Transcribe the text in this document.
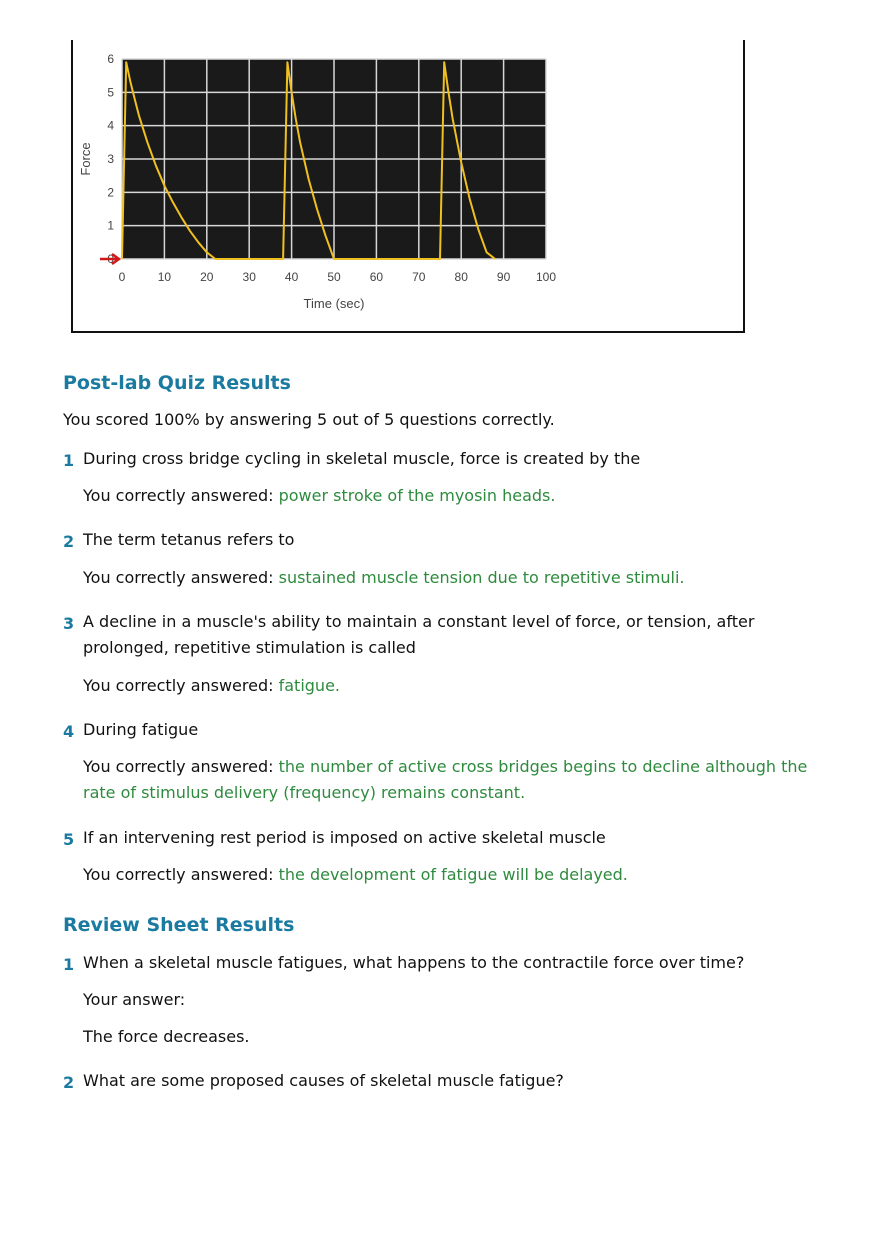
0	10 20 30 40 50 60 70 80 90 100
0
1
2
3
4
5
6
Time (sec)
Force
Post-lab Quiz Results

You scored 100% by answering 5 out of 5 questions correctly.

1 During cross bridge cycling in skeletal muscle, force is created by the

You correctly answered: power stroke of the myosin heads.

2 The term tetanus refers to

You correctly answered: sustained muscle tension due to repetitive stimuli.

3 A decline in a muscle's ability to maintain a constant level of force, or tension, after prolonged, repetitive stimulation is called

You correctly answered: fatigue.

4 During fatigue

You correctly answered: the number of active cross bridges begins to decline although the rate of stimulus delivery (frequency) remains constant.

5 If an intervening rest period is imposed on active skeletal muscle

You correctly answered: the development of fatigue will be delayed.

Review Sheet Results
1 When a skeletal muscle fatigues, what happens to the contractile force over time?

Your answer:

The force decreases.

2 What are some proposed causes of skeletal muscle fatigue?
